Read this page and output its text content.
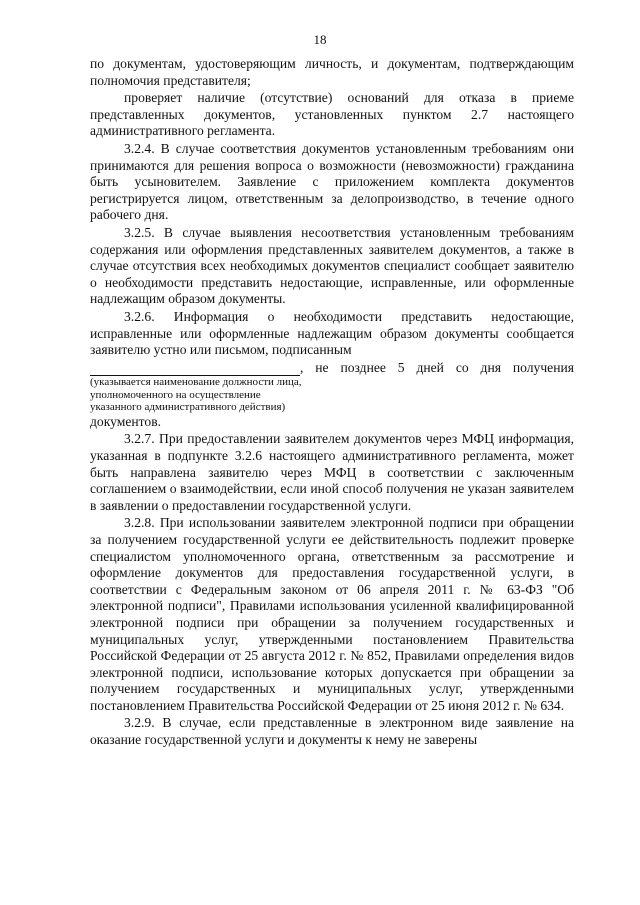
18

по документам, удостоверяющим личность, и документам, подтверждающим полномочия представителя;

проверяет наличие (отсутствие) оснований для отказа в приеме представленных документов, установленных пунктом 2.7 настоящего административного регламента.

3.2.4. В случае соответствия документов установленным требованиям они принимаются для решения вопроса о возможности (невозможности) гражданина быть усыновителем. Заявление с приложением комплекта документов регистрируется лицом, ответственным за делопроизводство, в течение одного рабочего дня.

3.2.5. В случае выявления несоответствия установленным требованиям содержания или оформления представленных заявителем документов, а также в случае отсутствия всех необходимых документов специалист сообщает заявителю о необходимости представить недостающие, исправленные, или оформленные надлежащим образом документы.

3.2.6. Информация о необходимости представить недостающие, исправленные или оформленные надлежащим образом документы сообщается заявителю устно или письмом, подписанным

, не позднее 5 дней со дня получения

(указывается наименование должности лица,

уполномоченного на осуществление

указанного административного действия)

документов.

3.2.7. При предоставлении заявителем документов через МФЦ информация, указанная в подпункте 3.2.6 настоящего административного регламента, может быть направлена заявителю через МФЦ в соответствии с заключенным соглашением о взаимодействии, если иной способ получения не указан заявителем в заявлении о предоставлении государственной услуги.

3.2.8. При использовании заявителем электронной подписи при обращении за получением государственной услуги ее действительность подлежит проверке специалистом уполномоченного органа, ответственным за рассмотрение и оформление документов для предоставления государственной услуги, в соответствии с Федеральным законом от 06 апреля 2011 г. № 63-ФЗ "Об электронной подписи", Правилами использования усиленной квалифицированной электронной подписи при обращении за получением государственных и муниципальных услуг, утвержденными постановлением Правительства Российской Федерации от 25 августа 2012 г. № 852, Правилами определения видов электронной подписи, использование которых допускается при обращении за получением государственных и муниципальных услуг, утвержденными постановлением Правительства Российской Федерации от 25 июня 2012 г. № 634.

3.2.9. В случае, если представленные в электронном виде заявление на оказание государственной услуги и документы к нему не заверены
